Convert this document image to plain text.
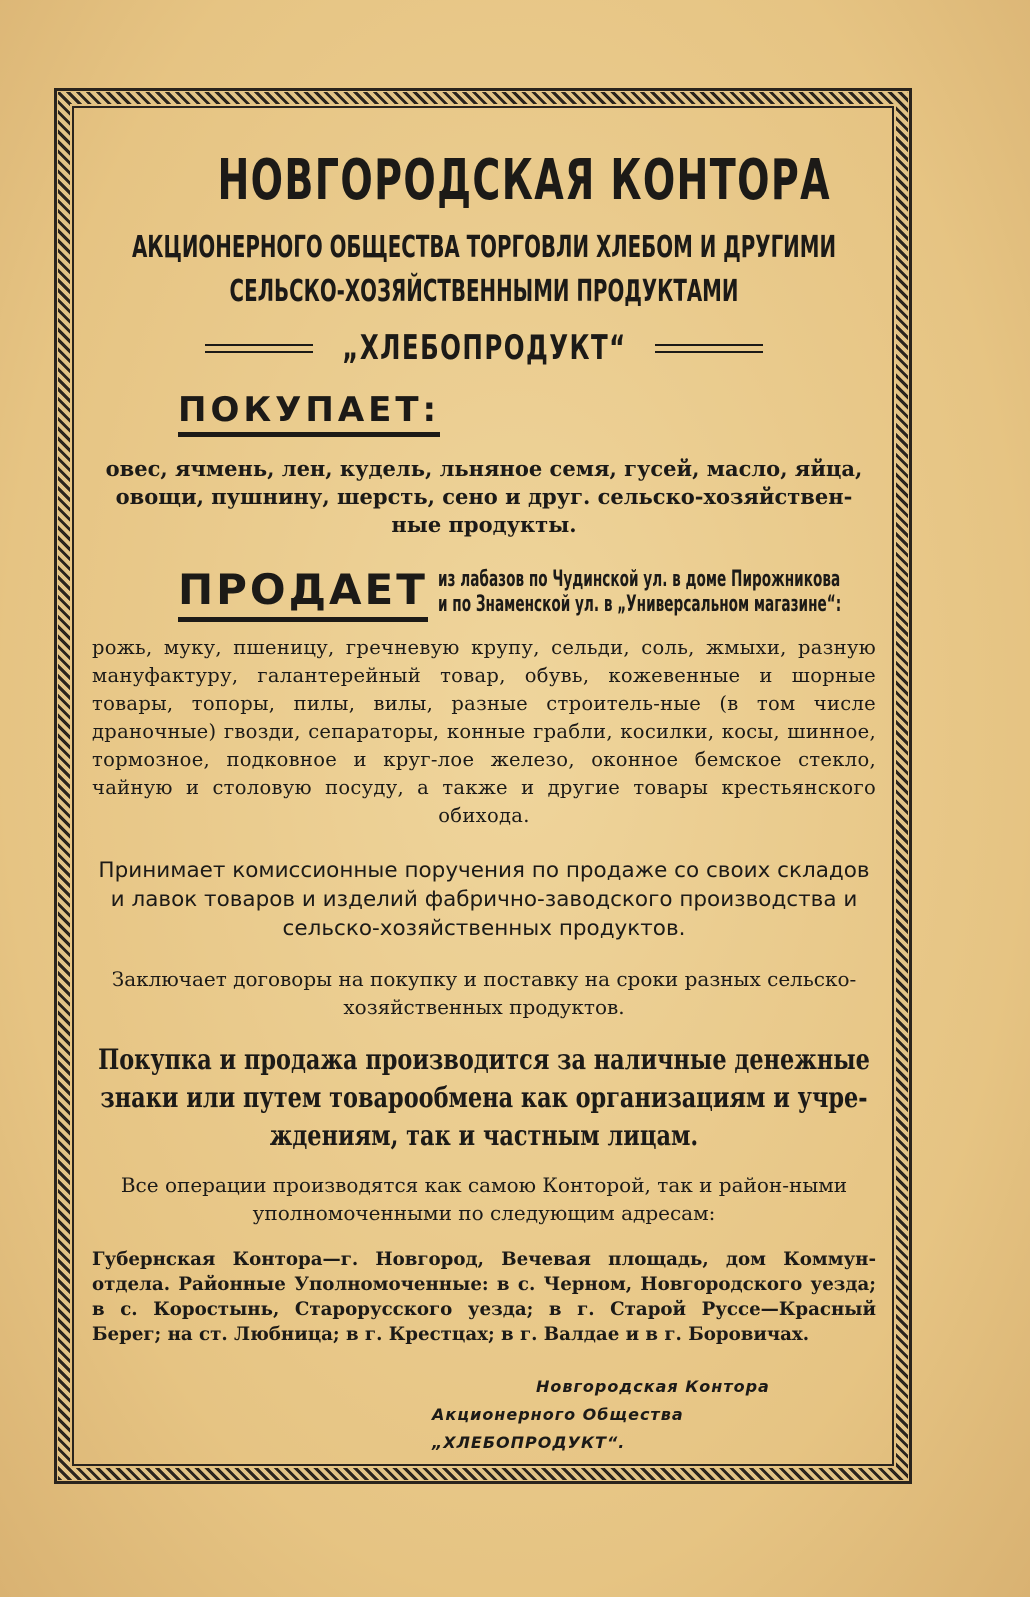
НОВГОРОДСКАЯ КОНТОРА
АКЦИОНЕРНОГО ОБЩЕСТВА ТОРГОВЛИ ХЛЕБОМ И ДРУГИМИ СЕЛЬСКО-ХОЗЯЙСТВЕННЫМИ ПРОДУКТАМИ
„ХЛЕБОПРОДУКТ“
ПОКУПАЕТ:
овес, ячмень, лен, кудель, льняное семя, гусей, масло, яйца, овощи, пушнину, шерсть, сено и друг. сельско-хозяйствен-ные продукты.
ПРОДАЕТ из лабазов по Чудинской ул. в доме Пирожникова
и по Знаменской ул. в „Универсальном магазине“:
рожь, муку, пшеницу, гречневую крупу, сельди, соль, жмыхи, разную мануфактуру, галантерейный товар, обувь, кожевенные и шорные товары, топоры, пилы, вилы, разные строитель-ные (в том числе драночные) гвозди, сепараторы, конные грабли, косилки, косы, шинное, тормозное, подковное и круг-лое железо, оконное бемское стекло, чайную и столовую посуду, а также и другие товары крестьянского обихода.
Принимает комиссионные поручения по продаже со своих складов и лавок товаров и изделий фабрично-заводского производства и сельско-хозяйственных продуктов.
Заключает договоры на покупку и поставку на сроки разных сельско-хозяйственных продуктов.
Покупка и продажа производится за наличные денежные знаки или путем товарообмена как организациям и учре-ждениям, так и частным лицам.
Все операции производятся как самою Конторой, так и район-ными уполномоченными по следующим адресам:
Губернская Контора—г. Новгород, Вечевая площадь, дом Коммун-отдела. Районные Уполномоченные: в с. Черном, Новгородского уезда; в с. Коростынь, Старорусского уезда; в г. Старой Руссе—Красный Берег; на ст. Любница; в г. Крестцах; в г. Валдае и в г. Боровичах.
Новгородская Контора
Акционерного Общества „ХЛЕБОПРОДУКТ“.
